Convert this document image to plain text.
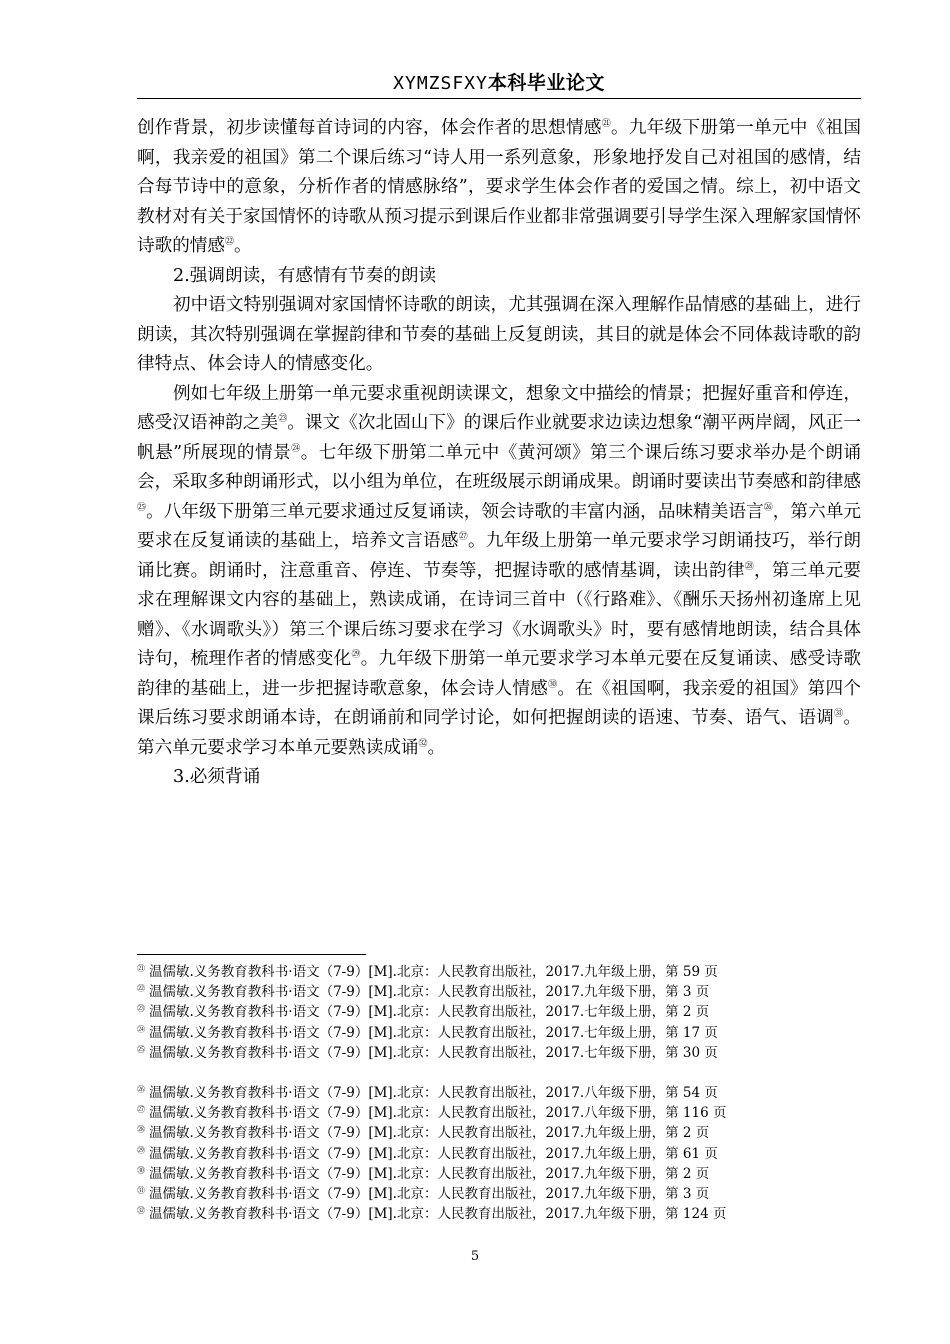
XYMZSFXY本科毕业论文

创作背景，初步读懂每首诗词的内容，体会作者的思想情感$^㉑$。九年级下册第一单元中《祖国啊，我亲爱的祖国》第二个课后练习“诗人用一系列意象，形象地抒发自己对祖国的感情，结合每节诗中的意象，分析作者的情感脉络”，要求学生体会作者的爱国之情。综上，初中语文教材对有关于家国情怀的诗歌从预习提示到课后作业都非常强调要引导学生深入理解家国情怀诗歌的情感$^㉒$。

2.强调朗读，有感情有节奏的朗读

初中语文特别强调对家国情怀诗歌的朗读，尤其强调在深入理解作品情感的基础上，进行朗读，其次特别强调在掌握韵律和节奏的基础上反复朗读，其目的就是体会不同体裁诗歌的韵律特点、体会诗人的情感变化。

例如七年级上册第一单元要求重视朗读课文，想象文中描绘的情景；把握好重音和停连，感受汉语神韵之美$^㉓$。课文《次北固山下》的课后作业就要求边读边想象“潮平两岸阔，风正一帆悬”所展现的情景$^㉔$。七年级下册第二单元中《黄河颂》第三个课后练习要求举办是个朗诵会，采取多种朗诵形式，以小组为单位，在班级展示朗诵成果。朗诵时要读出节奏感和韵律感$^㉕$。八年级下册第三单元要求通过反复诵读，领会诗歌的丰富内涵，品味精美语言$^㉖$，第六单元要求在反复诵读的基础上，培养文言语感$^㉗$。九年级上册第一单元要求学习朗诵技巧，举行朗诵比赛。朗诵时，注意重音、停连、节奏等，把握诗歌的感情基调，读出韵律$^㉘$，第三单元要求在理解课文内容的基础上，熟读成诵，在诗词三首中（《行路难》、《酬乐天扬州初逢席上见赠》、《水调歌头》）第三个课后练习要求在学习《水调歌头》时，要有感情地朗读，结合具体诗句，梳理作者的情感变化$^㉙$。九年级下册第一单元要求学习本单元要在反复诵读、感受诗歌韵律的基础上，进一步把握诗歌意象，体会诗人情感$^㉚$。在《祖国啊，我亲爱的祖国》第四个课后练习要求朗诵本诗，在朗诵前和同学讨论，如何把握朗读的语速、节奏、语气、语调$^㉛$。第六单元要求学习本单元要熟读成诵$^㉜$。

3.必须背诵

$^㉑$ 温儒敏.义务教育教科书·语文（7-9）[M].北京：人民教育出版社，2017.九年级上册，第 59 页
$^㉒$ 温儒敏.义务教育教科书·语文（7-9）[M].北京：人民教育出版社，2017.九年级下册，第 3 页
$^㉓$ 温儒敏.义务教育教科书·语文（7-9）[M].北京：人民教育出版社，2017.七年级上册，第 2 页
$^㉔$ 温儒敏.义务教育教科书·语文（7-9）[M].北京：人民教育出版社，2017.七年级上册，第 17 页
$^㉕$ 温儒敏.义务教育教科书·语文（7-9）[M].北京：人民教育出版社，2017.七年级下册，第 30 页
$^㉖$ 温儒敏.义务教育教科书·语文（7-9）[M].北京：人民教育出版社，2017.八年级下册，第 54 页
$^㉗$ 温儒敏.义务教育教科书·语文（7-9）[M].北京：人民教育出版社，2017.八年级下册，第 116 页
$^㉘$ 温儒敏.义务教育教科书·语文（7-9）[M].北京：人民教育出版社，2017.九年级上册，第 2 页
$^㉙$ 温儒敏.义务教育教科书·语文（7-9）[M].北京：人民教育出版社，2017.九年级上册，第 61 页
$^㉚$ 温儒敏.义务教育教科书·语文（7-9）[M].北京：人民教育出版社，2017.九年级下册，第 2 页
$^㉛$ 温儒敏.义务教育教科书·语文（7-9）[M].北京：人民教育出版社，2017.九年级下册，第 3 页
$^㉜$ 温儒敏.义务教育教科书·语文（7-9）[M].北京：人民教育出版社，2017.九年级下册，第 124 页
5
